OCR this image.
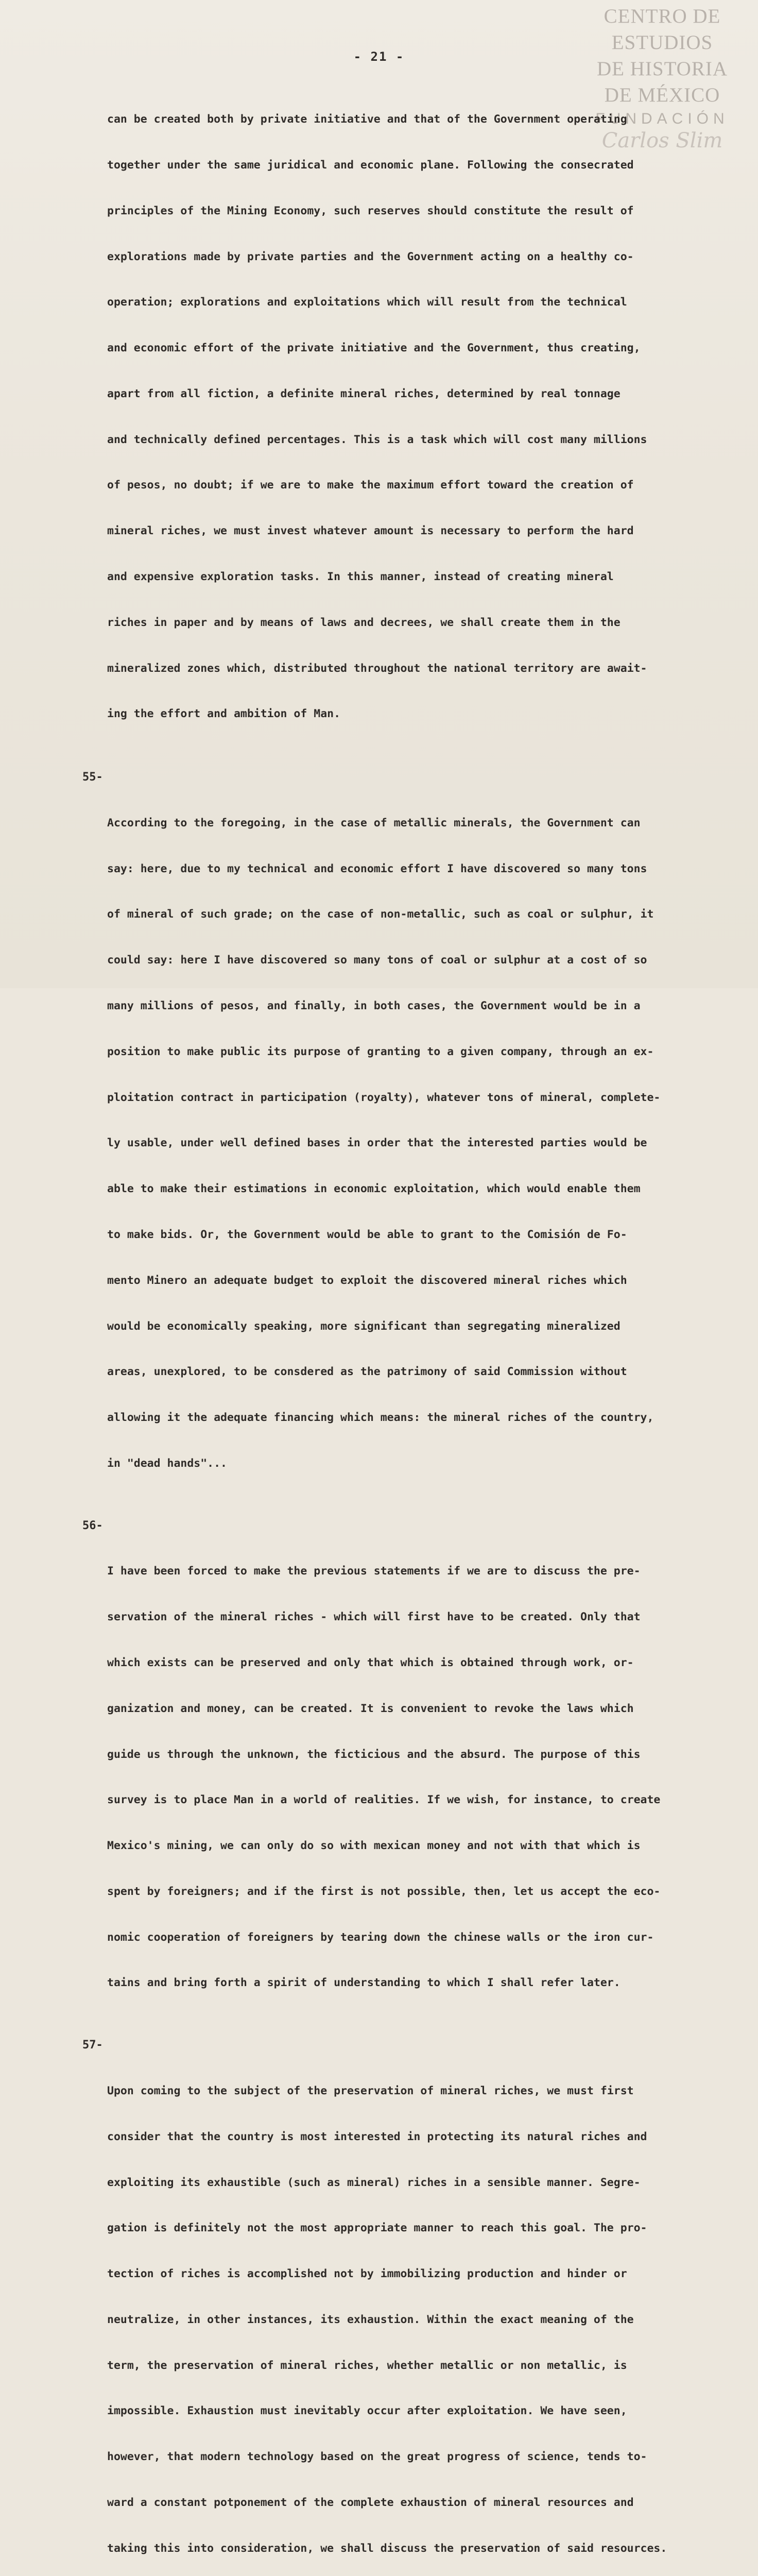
CENTRO DE
ESTUDIOS
DE HISTORIA
DE MÉXICO
FUNDACIÓN
Carlos Slim
- 21 -

can be created both by private initiative and that of the Government operating

together under the same juridical and economic plane. Following the consecrated

principles of the Mining Economy, such reserves should constitute the result of

explorations made by private parties and the Government acting on a healthy co-

operation; explorations and exploitations which will result from the technical

and economic effort of the private initiative and the Government, thus creating,

apart from all fiction, a definite mineral riches, determined by real tonnage

and technically defined percentages. This is a task which will cost many millions

of pesos, no doubt; if we are to make the maximum effort toward the creation of

mineral riches, we must invest whatever amount is necessary to perform the hard

and expensive exploration tasks. In this manner, instead of creating mineral

riches in paper and by means of laws and decrees, we shall create them in the

mineralized zones which, distributed throughout the national territory are await-

ing the effort and ambition of Man.

55-

According to the foregoing, in the case of metallic minerals, the Government can

say: here, due to my technical and economic effort I have discovered so many tons

of mineral of such grade; on the case of non-metallic, such as coal or sulphur, it

could say: here I have discovered so many tons of coal or sulphur at a cost of so

many millions of pesos, and finally, in both cases, the Government would be in a

position to make public its purpose of granting to a given company, through an ex-

ploitation contract in participation (royalty), whatever tons of mineral, complete-

ly usable, under well defined bases in order that the interested parties would be

able to make their estimations in economic exploitation, which would enable them

to make bids. Or, the Government would be able to grant to the Comisión de Fo-

mento Minero an adequate budget to exploit the discovered mineral riches which

would be economically speaking, more significant than segregating mineralized

areas, unexplored, to be consdered as the patrimony of said Commission without

allowing it the adequate financing which means: the mineral riches of the country,

in "dead hands"...

56-

I have been forced to make the previous statements if we are to discuss the pre-

servation of the mineral riches - which will first have to be created. Only that

which exists can be preserved and only that which is obtained through work, or-

ganization and money, can be created. It is convenient to revoke the laws which

guide us through the unknown, the ficticious and the absurd. The purpose of this

survey is to place Man in a world of realities. If we wish, for instance, to create

Mexico's mining, we can only do so with mexican money and not with that which is

spent by foreigners; and if the first is not possible, then, let us accept the eco-

nomic cooperation of foreigners by tearing down the chinese walls or the iron cur-

tains and bring forth a spirit of understanding to which I shall refer later.

57-

Upon coming to the subject of the preservation of mineral riches, we must first

consider that the country is most interested in protecting its natural riches and

exploiting its exhaustible (such as mineral) riches in a sensible manner. Segre-

gation is definitely not the most appropriate manner to reach this goal. The pro-

tection of riches is accomplished not by immobilizing production and hinder or

neutralize, in other instances, its exhaustion. Within the exact meaning of the

term, the preservation of mineral riches, whether metallic or non metallic, is

impossible. Exhaustion must inevitably occur after exploitation. We have seen,

however, that modern technology based on the great progress of science, tends to-

ward a constant potponement of the complete exhaustion of mineral resources and

taking this into consideration, we shall discuss the preservation of said resources.
